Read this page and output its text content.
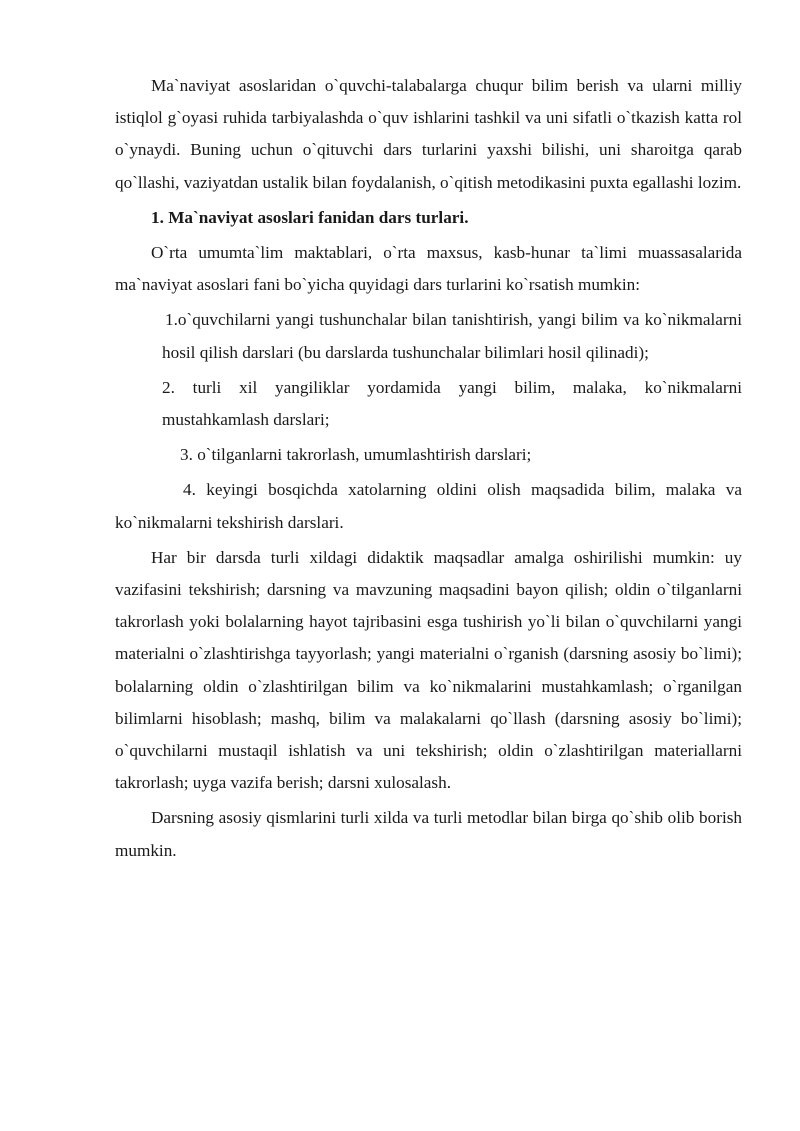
Ma`naviyat asoslaridan o`quvchi-talabalarga chuqur bilim berish va ularni milliy istiqlol g`oyasi ruhida tarbiyalashda o`quv ishlarini tashkil va uni sifatli o`tkazish katta rol o`ynaydi. Buning uchun o`qituvchi dars turlarini yaxshi bilishi, uni sharoitga qarab qo`llashi, vaziyatdan ustalik bilan foydalanish, o`qitish metodikasini puxta egallashi lozim.

1. Ma`naviyat asoslari fanidan dars turlari.

O`rta umumta`lim maktablari, o`rta maxsus, kasb-hunar ta`limi muassasalarida ma`naviyat asoslari fani bo`yicha quyidagi dars turlarini ko`rsatish mumkin:

1.o`quvchilarni yangi tushunchalar bilan tanishtirish, yangi bilim va ko`nikmalarni hosil qilish darslari (bu darslarda tushunchalar bilimlari hosil qilinadi);

2. turli xil yangiliklar yordamida yangi bilim, malaka, ko`nikmalarni mustahkamlash darslari;

3. o`tilganlarni takrorlash, umumlashtirish darslari;

4. keyingi bosqichda xatolarning oldini olish maqsadida bilim, malaka va ko`nikmalarni tekshirish darslari.

Har bir darsda turli xildagi didaktik maqsadlar amalga oshirilishi mumkin: uy vazifasini tekshirish; darsning va mavzuning maqsadini bayon qilish; oldin o`tilganlarni takrorlash yoki bolalarning hayot tajribasini esga tushirish yo`li bilan o`quvchilarni yangi materialni o`zlashtirishga tayyorlash; yangi materialni o`rganish (darsning asosiy bo`limi); bolalarning oldin o`zlashtirilgan bilim va ko`nikmalarini mustahkamlash; o`rganilgan bilimlarni hisoblash; mashq, bilim va malakalarni qo`llash (darsning asosiy bo`limi); o`quvchilarni mustaqil ishlatish va uni tekshirish; oldin o`zlashtirilgan materiallarni takrorlash; uyga vazifa berish; darsni xulosalash.

Darsning asosiy qismlarini turli xilda va turli metodlar bilan birga qo`shib olib borish mumkin.
